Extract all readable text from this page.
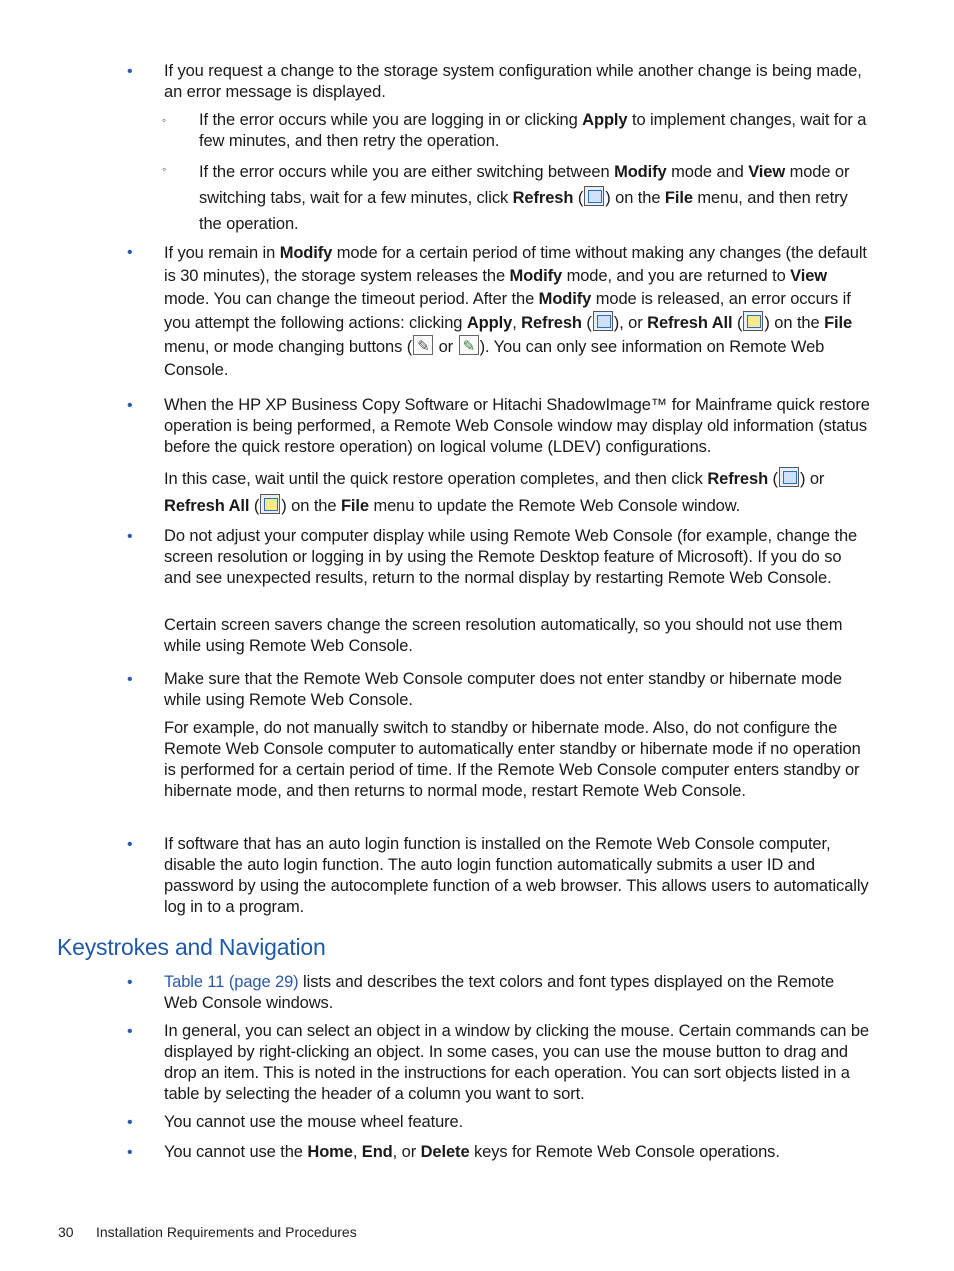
•	If you request a change to the storage system configuration while another change is being made, an error message is displayed.
◦	If the error occurs while you are logging in or clicking Apply to implement changes, wait for a few minutes, and then retry the operation.
◦	If the error occurs while you are either switching between Modify mode and View mode or switching tabs, wait for a few minutes, click Refresh ( ) on the File menu, and then retry the operation.
•	If you remain in Modify mode for a certain period of time without making any changes (the default is 30 minutes), the storage system releases the Modify mode, and you are returned to View mode. You can change the timeout period. After the Modify mode is released, an error occurs if you attempt the following actions: clicking Apply, Refresh ( ), or Refresh All ( ) on the File menu, or mode changing buttons (✎ or ✎). You can only see information on Remote Web Console.
•	When the HP XP Business Copy Software or Hitachi ShadowImage™ for Mainframe quick restore operation is being performed, a Remote Web Console window may display old information (status before the quick restore operation) on logical volume (LDEV) configurations.
In this case, wait until the quick restore operation completes, and then click Refresh ( ) or Refresh All ( ) on the File menu to update the Remote Web Console window.
•	Do not adjust your computer display while using Remote Web Console (for example, change the screen resolution or logging in by using the Remote Desktop feature of Microsoft). If you do so and see unexpected results, return to the normal display by restarting Remote Web Console.
Certain screen savers change the screen resolution automatically, so you should not use them while using Remote Web Console.
•	Make sure that the Remote Web Console computer does not enter standby or hibernate mode while using Remote Web Console.
For example, do not manually switch to standby or hibernate mode. Also, do not configure the Remote Web Console computer to automatically enter standby or hibernate mode if no operation is performed for a certain period of time. If the Remote Web Console computer enters standby or hibernate mode, and then returns to normal mode, restart Remote Web Console.
•	If software that has an auto login function is installed on the Remote Web Console computer, disable the auto login function. The auto login function automatically submits a user ID and password by using the autocomplete function of a web browser. This allows users to automatically log in to a program.
Keystrokes and Navigation
•	Table 11 (page 29) lists and describes the text colors and font types displayed on the Remote Web Console windows.
•	In general, you can select an object in a window by clicking the mouse. Certain commands can be displayed by right-clicking an object. In some cases, you can use the mouse button to drag and drop an item. This is noted in the instructions for each operation. You can sort objects listed in a table by selecting the header of a column you want to sort.
•	You cannot use the mouse wheel feature.
•	You cannot use the Home, End, or Delete keys for Remote Web Console operations.
30 Installation Requirements and Procedures
